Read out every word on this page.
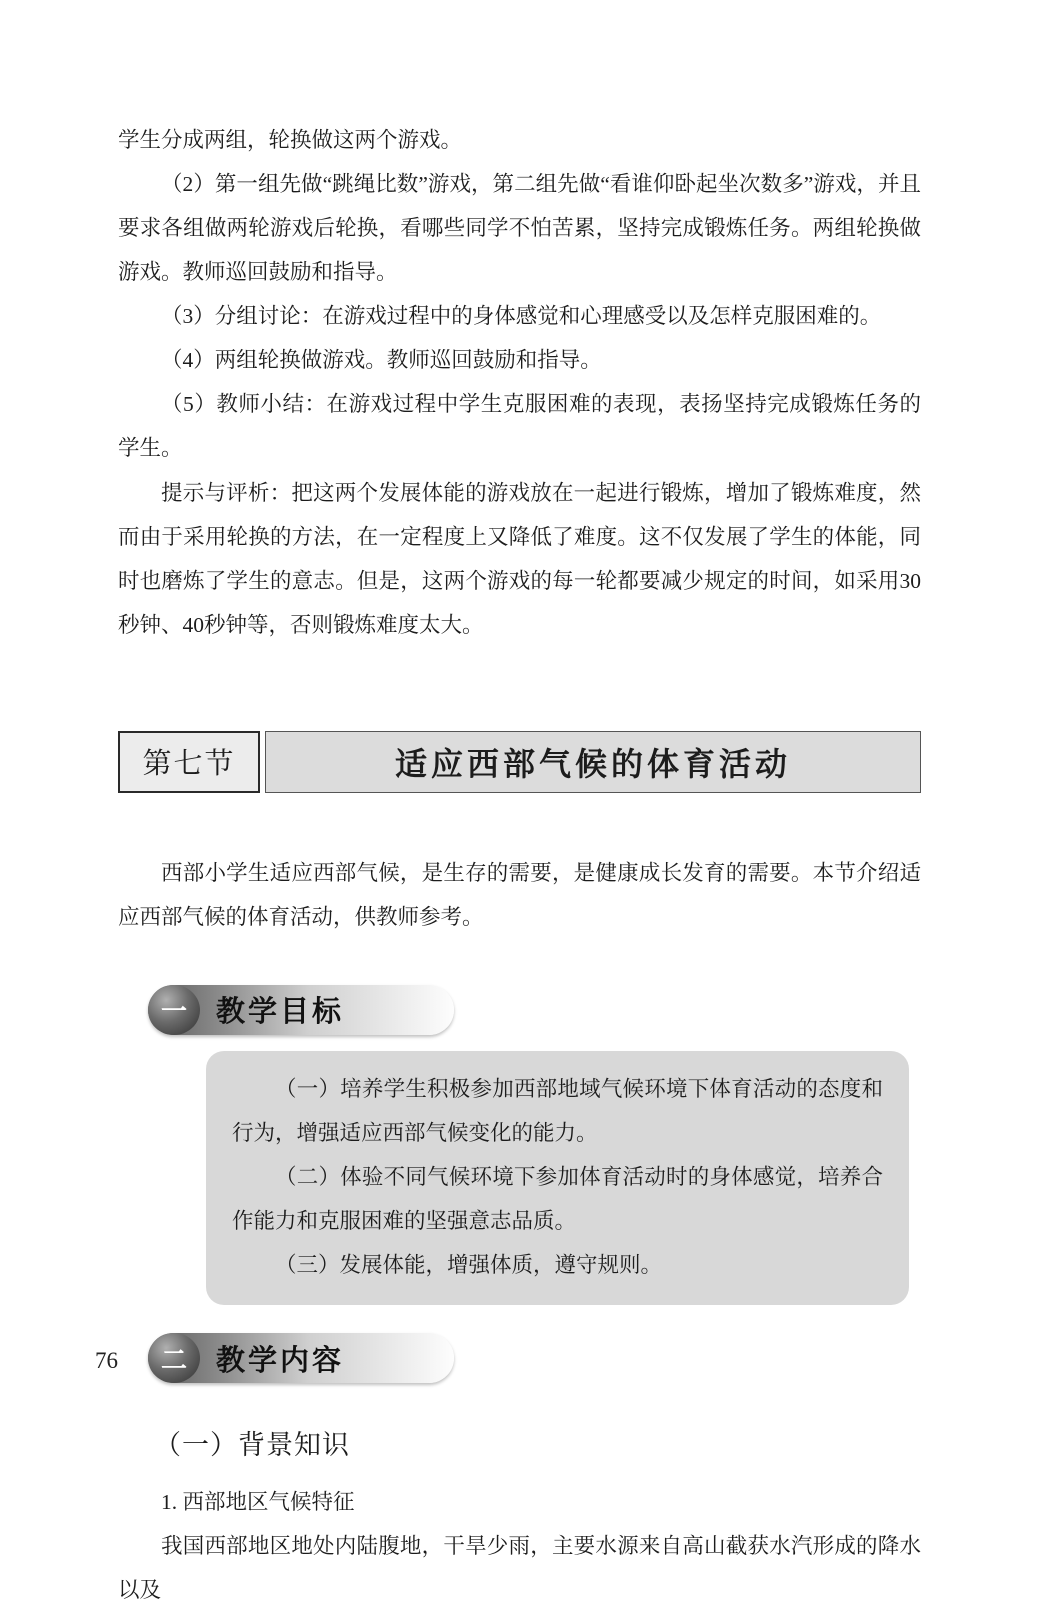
学生分成两组，轮换做这两个游戏。

（2）第一组先做“跳绳比数”游戏，第二组先做“看谁仰卧起坐次数多”游戏，并且要求各组做两轮游戏后轮换，看哪些同学不怕苦累，坚持完成锻炼任务。两组轮换做游戏。教师巡回鼓励和指导。

（3）分组讨论：在游戏过程中的身体感觉和心理感受以及怎样克服困难的。

（4）两组轮换做游戏。教师巡回鼓励和指导。

（5）教师小结：在游戏过程中学生克服困难的表现，表扬坚持完成锻炼任务的学生。

提示与评析：把这两个发展体能的游戏放在一起进行锻炼，增加了锻炼难度，然而由于采用轮换的方法，在一定程度上又降低了难度。这不仅发展了学生的体能，同时也磨炼了学生的意志。但是，这两个游戏的每一轮都要减少规定的时间，如采用30秒钟、40秒钟等，否则锻炼难度太大。

第七节	适应西部气候的体育活动

西部小学生适应西部气候，是生存的需要，是健康成长发育的需要。本节介绍适应西部气候的体育活动，供教师参考。

一	教学目标

（一）培养学生积极参加西部地域气候环境下体育活动的态度和行为，增强适应西部气候变化的能力。

（二）体验不同气候环境下参加体育活动时的身体感觉，培养合作能力和克服困难的坚强意志品质。

（三）发展体能，增强体质，遵守规则。

二	教学内容
（一）背景知识

1. 西部地区气候特征

我国西部地区地处内陆腹地，干旱少雨，主要水源来自高山截获水汽形成的降水以及

76
